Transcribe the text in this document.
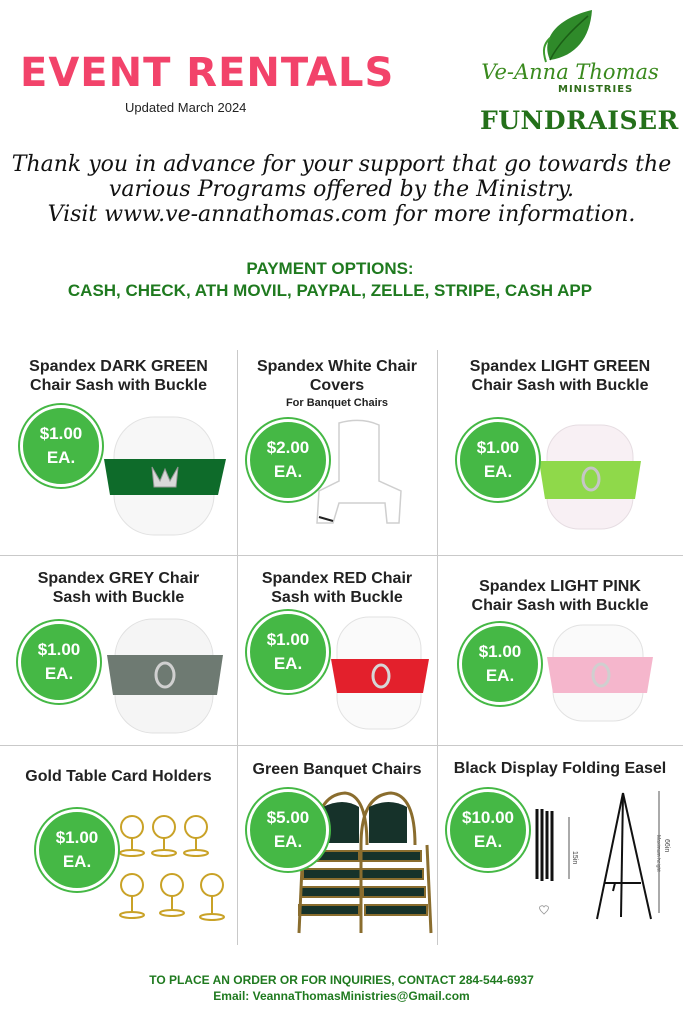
EVENT RENTALS
Updated March 2024
Ve-Anna Thomas
MINISTRIES
FUNDRAISER
Thank you in advance for your support that go towards the
various Programs offered by the Ministry.
Visit www.ve-annathomas.com for more information.
PAYMENT OPTIONS:
CASH, CHECK, ATH MOVIL, PAYPAL, ZELLE, STRIPE, CASH APP
Spandex DARK GREEN
Chair Sash with Buckle
$1.00
EA.
Spandex White Chair
Covers
For Banquet Chairs
$2.00
EA.
Spandex LIGHT GREEN
Chair Sash with Buckle
$1.00
EA.
Spandex GREY Chair
Sash with Buckle
$1.00
EA.
Spandex RED Chair
Sash with Buckle
$1.00
EA.
Spandex LIGHT PINK
Chair Sash with Buckle
$1.00
EA.
Gold Table Card Holders
$1.00
EA.
Green Banquet Chairs
$5.00
EA.
Black Display Folding Easel
15in
66in
Maximum height
$10.00
EA.
TO PLACE AN ORDER OR FOR INQUIRIES, CONTACT 284-544-6937
Email: VeannaThomasMinistries@Gmail.com
